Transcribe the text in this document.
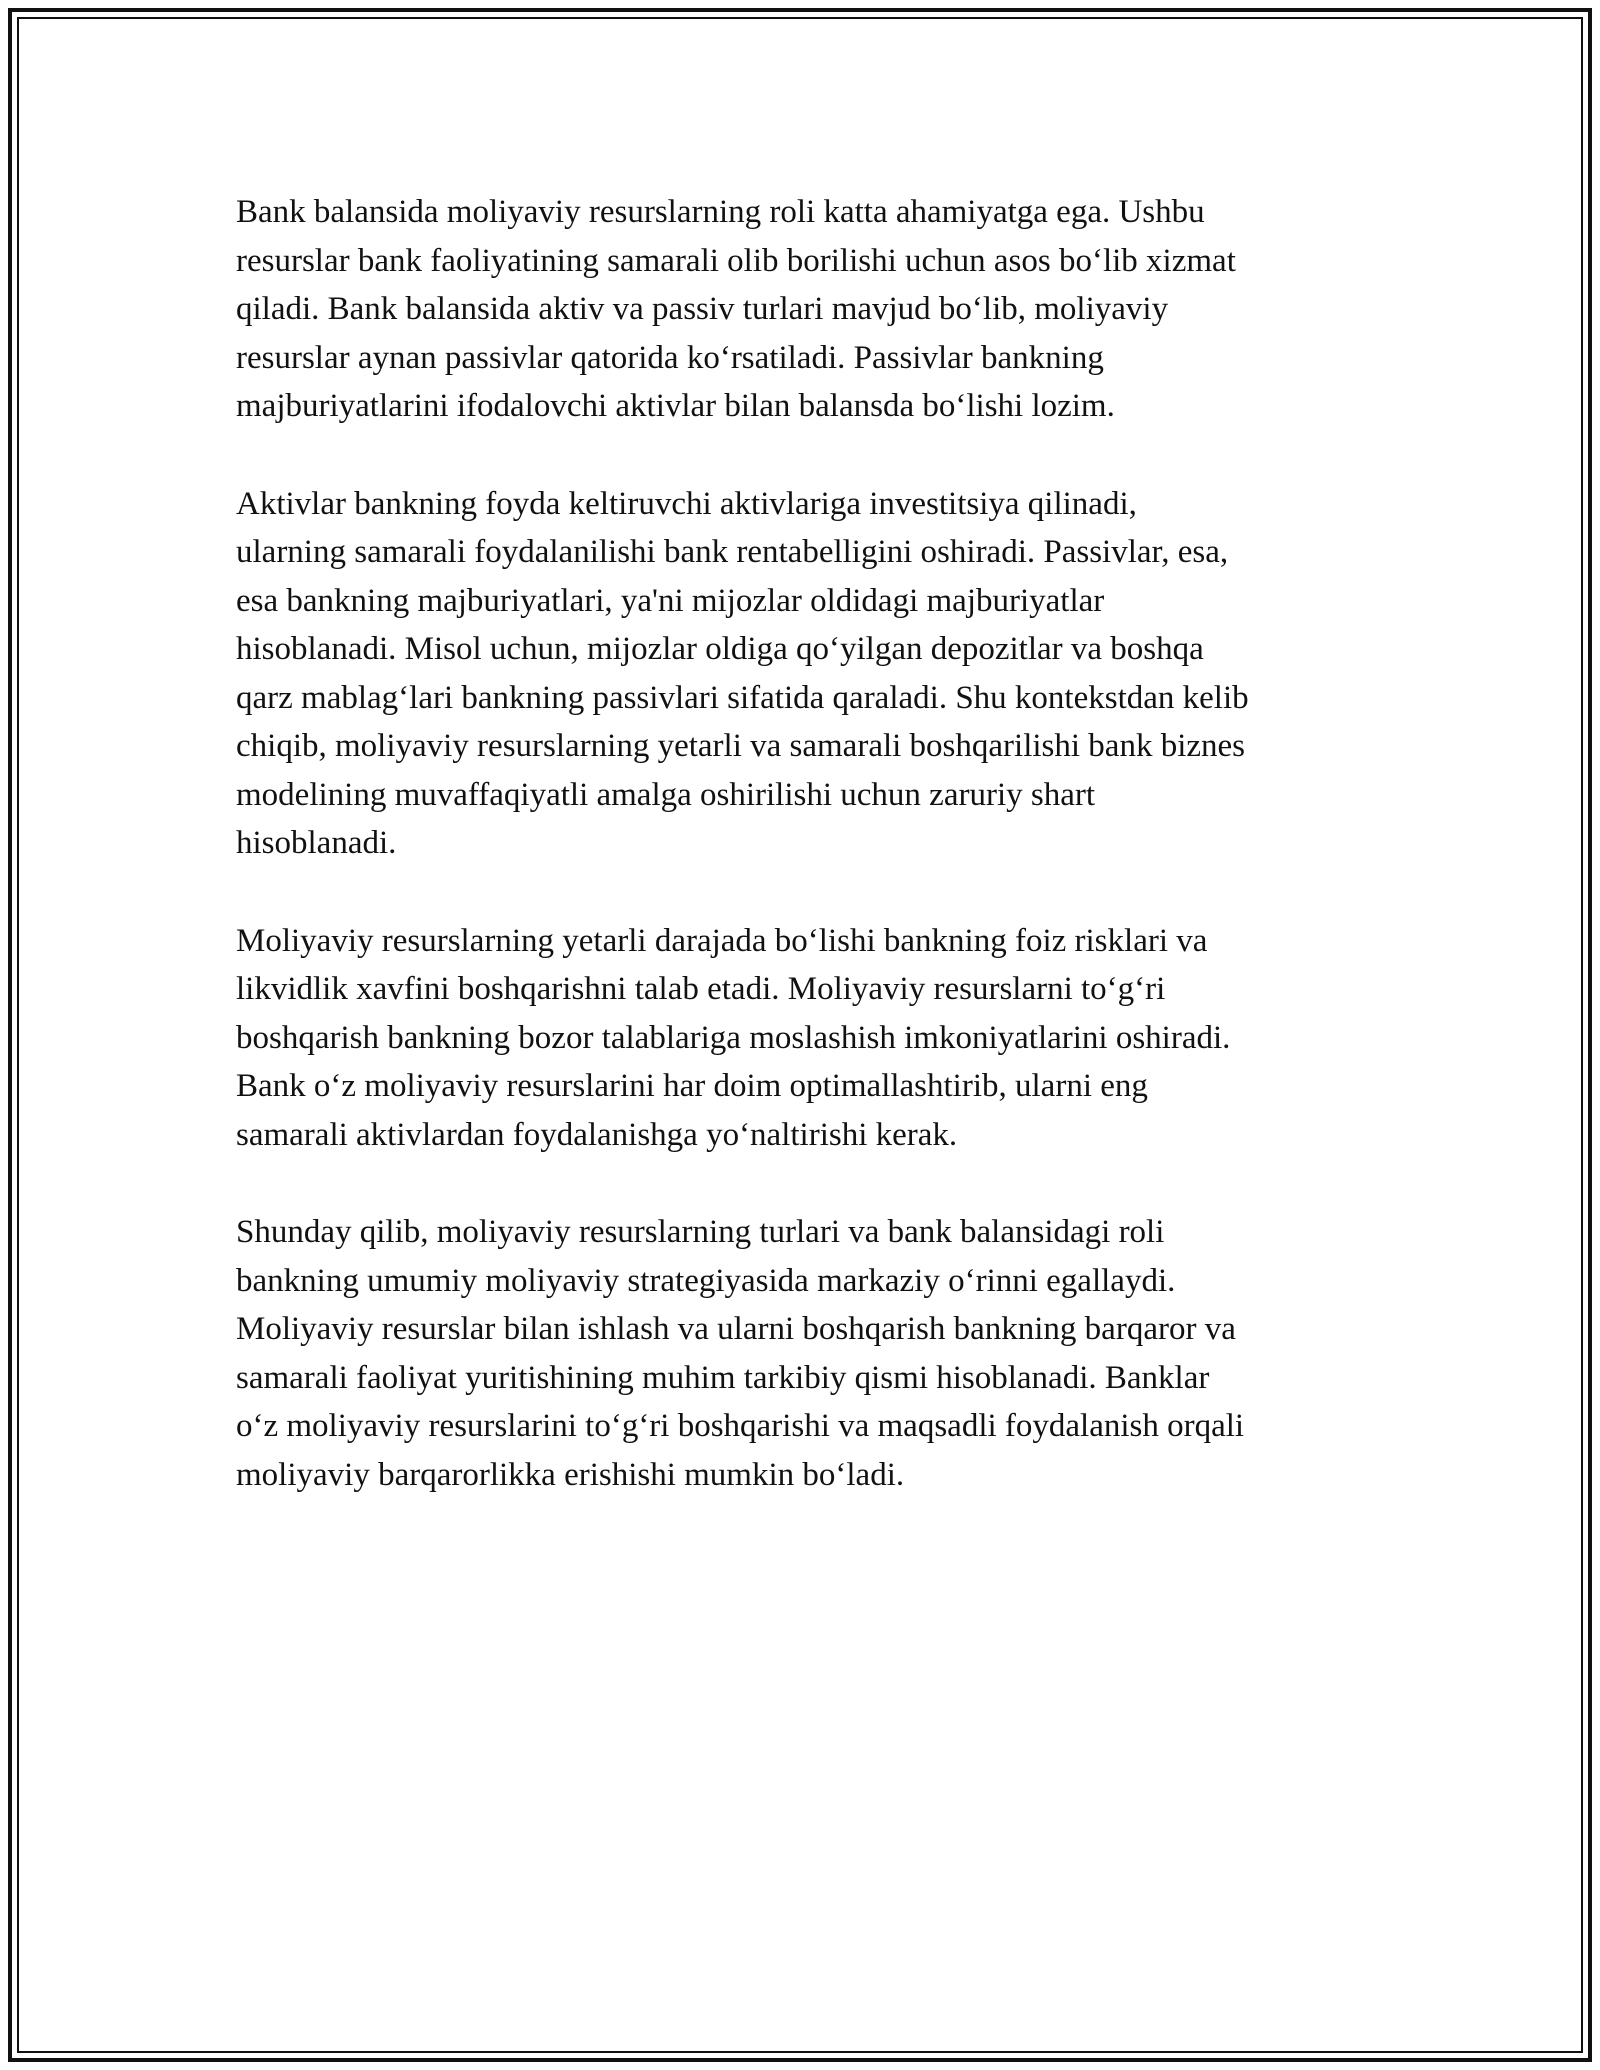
Bank balansida moliyaviy resurslarning roli katta ahamiyatga ega. Ushbu
resurslar bank faoliyatining samarali olib borilishi uchun asos bo‘lib xizmat
qiladi. Bank balansida aktiv va passiv turlari mavjud bo‘lib, moliyaviy
resurslar aynan passivlar qatorida ko‘rsatiladi. Passivlar bankning
majburiyatlarini ifodalovchi aktivlar bilan balansda bo‘lishi lozim.

Aktivlar bankning foyda keltiruvchi aktivlariga investitsiya qilinadi,
ularning samarali foydalanilishi bank rentabelligini oshiradi. Passivlar, esa,
esa bankning majburiyatlari, ya'ni mijozlar oldidagi majburiyatlar
hisoblanadi. Misol uchun, mijozlar oldiga qo‘yilgan depozitlar va boshqa
qarz mablag‘lari bankning passivlari sifatida qaraladi. Shu kontekstdan kelib
chiqib, moliyaviy resurslarning yetarli va samarali boshqarilishi bank biznes
modelining muvaffaqiyatli amalga oshirilishi uchun zaruriy shart
hisoblanadi.

Moliyaviy resurslarning yetarli darajada bo‘lishi bankning foiz risklari va
likvidlik xavfini boshqarishni talab etadi. Moliyaviy resurslarni to‘g‘ri
boshqarish bankning bozor talablariga moslashish imkoniyatlarini oshiradi.
Bank o‘z moliyaviy resurslarini har doim optimallashtirib, ularni eng
samarali aktivlardan foydalanishga yo‘naltirishi kerak.

Shunday qilib, moliyaviy resurslarning turlari va bank balansidagi roli
bankning umumiy moliyaviy strategiyasida markaziy o‘rinni egallaydi.
Moliyaviy resurslar bilan ishlash va ularni boshqarish bankning barqaror va
samarali faoliyat yuritishining muhim tarkibiy qismi hisoblanadi. Banklar
o‘z moliyaviy resurslarini to‘g‘ri boshqarishi va maqsadli foydalanish orqali
moliyaviy barqarorlikka erishishi mumkin bo‘ladi.
